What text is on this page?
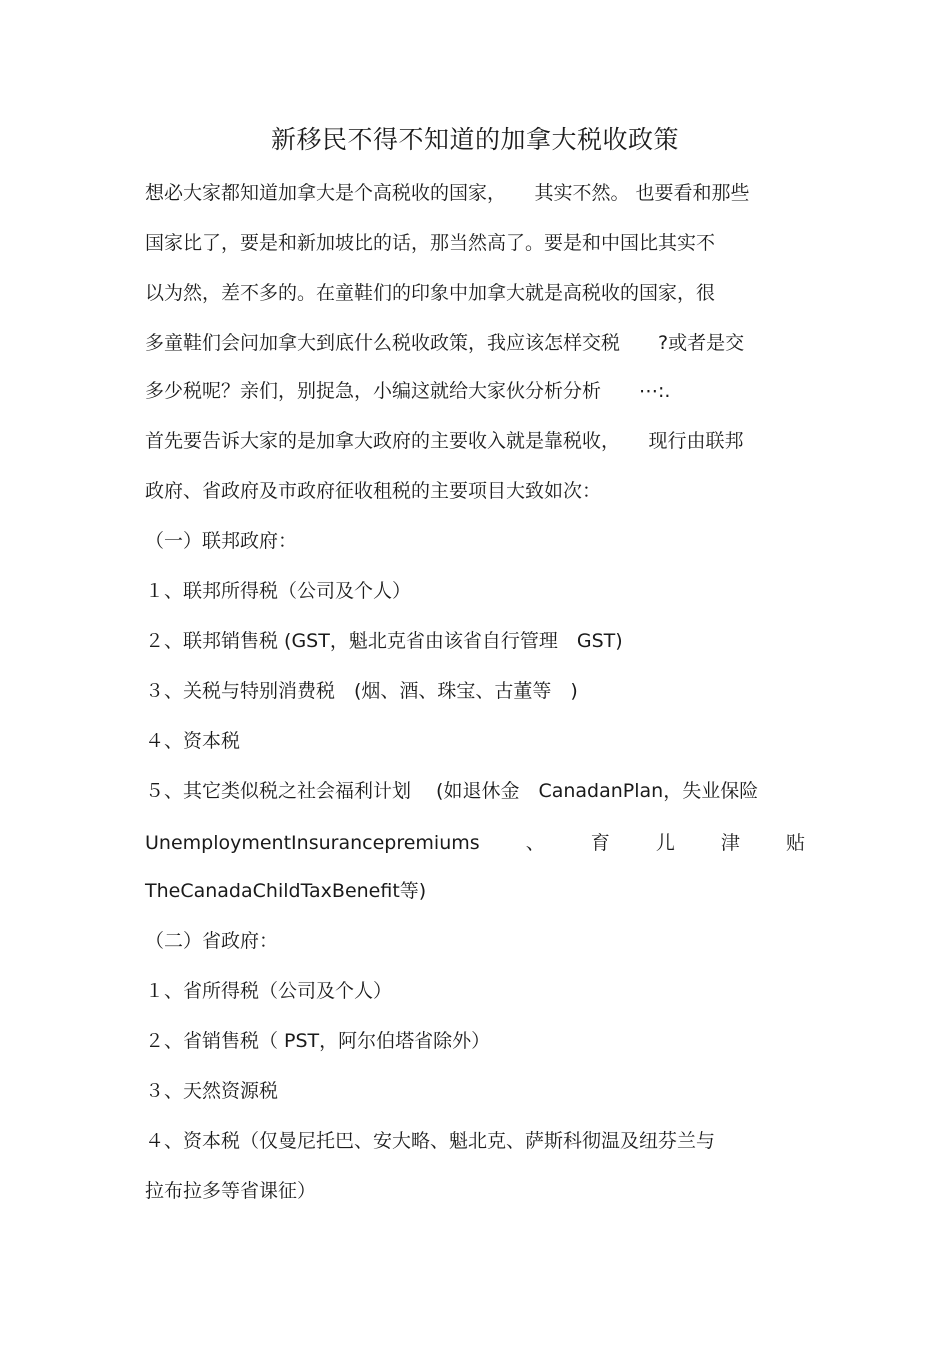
新移民不得不知道的加拿大税收政策
想必大家都知道加拿大是个高税收的国家，　　其实不然。 也要看和那些
国家比了，要是和新加坡比的话，那当然高了。要是和中国比其实不
以为然，差不多的。在童鞋们的印象中加拿大就是高税收的国家，很
多童鞋们会问加拿大到底什么税收政策，我应该怎样交税　　?或者是交
多少税呢？亲们，别捉急，小编这就给大家伙分析分析　　⋯:.
首先要告诉大家的是加拿大政府的主要收入就是靠税收，　　现行由联邦
政府、省政府及市政府征收租税的主要项目大致如次：
（一）联邦政府：
１、联邦所得税（公司及个人）
２、联邦销售税 (GST，魁北克省由该省自行管理　GST)
３、关税与特别消费税　(烟、酒、珠宝、古董等　)
４、资本税
５、其它类似税之社会福利计划　 (如退休金　CanadanPlan，失业保险
UnemploymentInsurancepremiums 、 育 儿 津 贴
TheCanadaChildTaxBenefit等)
（二）省政府：
１、省所得税（公司及个人）
２、省销售税（ PST，阿尔伯塔省除外）
３、天然资源税
４、资本税（仅曼尼托巴、安大略、魁北克、萨斯科彻温及纽芬兰与
拉布拉多等省课征）
